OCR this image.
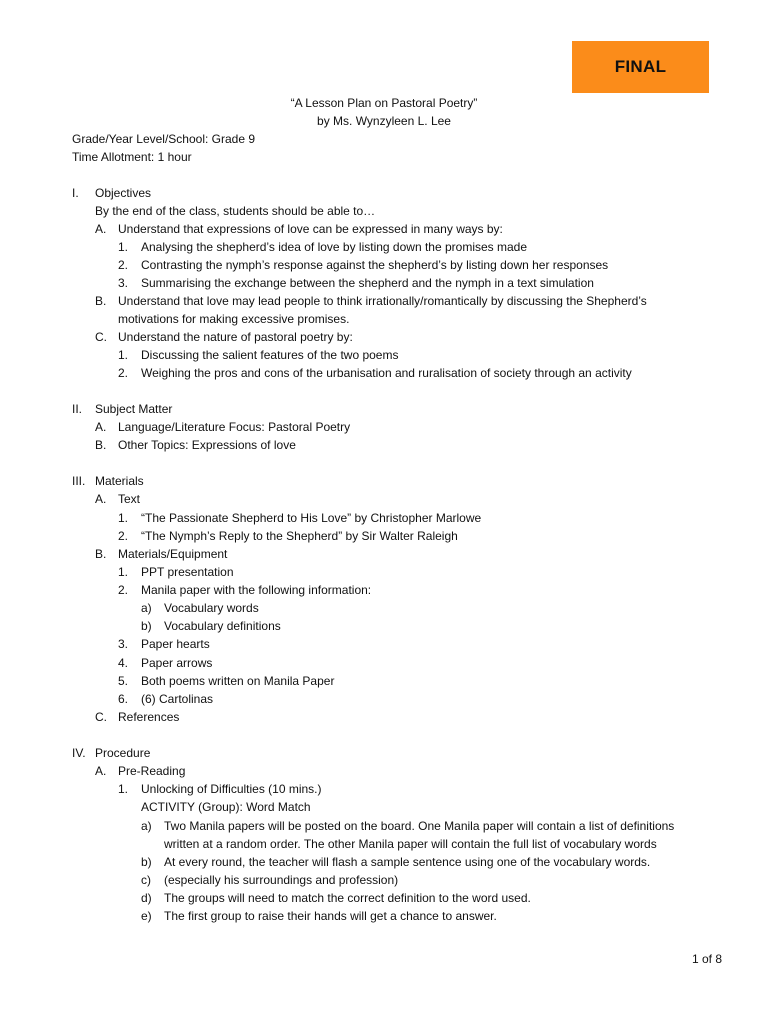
FINAL
“A Lesson Plan on Pastoral Poetry”
by Ms. Wynzyleen L. Lee
Grade/Year Level/School: Grade 9
Time Allotment: 1 hour
I. Objectives
By the end of the class, students should be able to…
A. Understand that expressions of love can be expressed in many ways by:
1. Analysing the shepherd’s idea of love by listing down the promises made
2. Contrasting the nymph’s response against the shepherd’s by listing down her responses
3. Summarising the exchange between the shepherd and the nymph in a text simulation
B. Understand that love may lead people to think irrationally/romantically by discussing the Shepherd’s
motivations for making excessive promises.
C. Understand the nature of pastoral poetry by:
1. Discussing the salient features of the two poems
2. Weighing the pros and cons of the urbanisation and ruralisation of society through an activity
II. Subject Matter
A. Language/Literature Focus: Pastoral Poetry
B. Other Topics: Expressions of love
III. Materials
A. Text
1. “The Passionate Shepherd to His Love” by Christopher Marlowe
2. “The Nymph’s Reply to the Shepherd” by Sir Walter Raleigh
B. Materials/Equipment
1. PPT presentation
2. Manila paper with the following information:
a) Vocabulary words
b) Vocabulary definitions
3. Paper hearts
4. Paper arrows
5. Both poems written on Manila Paper
6. (6) Cartolinas
C. References
IV. Procedure
A. Pre-Reading
1. Unlocking of Difficulties (10 mins.)
ACTIVITY (Group): Word Match
a) Two Manila papers will be posted on the board. One Manila paper will contain a list of definitions
written at a random order. The other Manila paper will contain the full list of vocabulary words
b) At every round, the teacher will flash a sample sentence using one of the vocabulary words.
c) (especially his surroundings and profession)
d) The groups will need to match the correct definition to the word used.
e) The first group to raise their hands will get a chance to answer.
1 of 8
